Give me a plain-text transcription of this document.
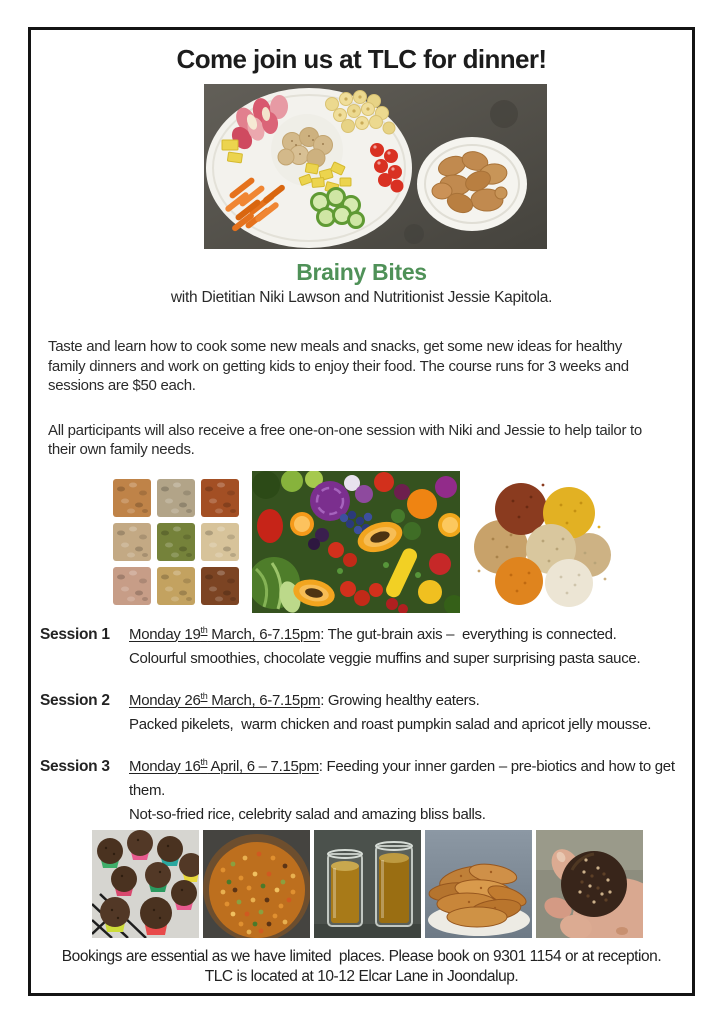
Come join us at TLC for dinner!
Brainy Bites

with Dietitian Niki Lawson and Nutritionist Jessie Kapitola.

Taste and learn how to cook some new meals and snacks, get some new ideas for healthy family dinners and work on getting kids to enjoy their food. The course runs for 3 weeks and sessions are $50 each.

All participants will also receive a free one-on-one session with Niki and Jessie to help tailor to their own family needs.

Session 1	Monday 19th March, 6-7.15pm: The gut-brain axis –  everything is connected.

Colourful smoothies, chocolate veggie muffins and super surprising pasta sauce.

Session 2	Monday 26th March, 6-7.15pm: Growing healthy eaters.

Packed pikelets,  warm chicken and roast pumpkin salad and apricot jelly mousse.

Session 3	Monday 16th April, 6 – 7.15pm: Feeding your inner garden – pre-biotics and how to get them.

Not-so-fried rice, celebrity salad and amazing bliss balls.

Bookings are essential as we have limited  places. Please book on 9301 1154 or at reception.

TLC is located at 10-12 Elcar Lane in Joondalup.
